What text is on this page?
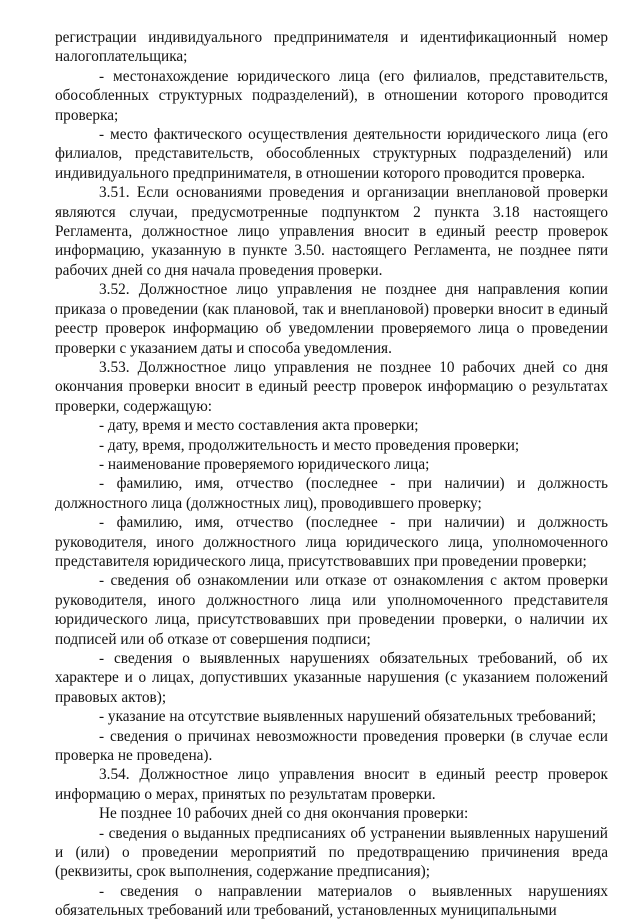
регистрации индивидуального предпринимателя и идентификационный номер налогоплательщика;

- местонахождение юридического лица (его филиалов, представительств, обособленных структурных подразделений), в отношении которого проводится проверка;

- место фактического осуществления деятельности юридического лица (его филиалов, представительств, обособленных структурных подразделений) или индивидуального предпринимателя, в отношении которого проводится проверка.

3.51. Если основаниями проведения и организации внеплановой проверки являются случаи, предусмотренные подпунктом 2 пункта 3.18 настоящего Регламента, должностное лицо управления вносит в единый реестр проверок информацию, указанную в пункте 3.50. настоящего Регламента, не позднее пяти рабочих дней со дня начала проведения проверки.

3.52. Должностное лицо управления не позднее дня направления копии приказа о проведении (как плановой, так и внеплановой) проверки вносит в единый реестр проверок информацию об уведомлении проверяемого лица о проведении проверки с указанием даты и способа уведомления.

3.53. Должностное лицо управления не позднее 10 рабочих дней со дня окончания проверки вносит в единый реестр проверок информацию о результатах проверки, содержащую:

- дату, время и место составления акта проверки;

- дату, время, продолжительность и место проведения проверки;

- наименование проверяемого юридического лица;

- фамилию, имя, отчество (последнее - при наличии) и должность должностного лица (должностных лиц), проводившего проверку;

- фамилию, имя, отчество (последнее - при наличии) и должность руководителя, иного должностного лица юридического лица, уполномоченного представителя юридического лица, присутствовавших при проведении проверки;

- сведения об ознакомлении или отказе от ознакомления с актом проверки руководителя, иного должностного лица или уполномоченного представителя юридического лица, присутствовавших при проведении проверки, о наличии их подписей или об отказе от совершения подписи;

- сведения о выявленных нарушениях обязательных требований, об их характере и о лицах, допустивших указанные нарушения (с указанием положений правовых актов);

- указание на отсутствие выявленных нарушений обязательных требований;

- сведения о причинах невозможности проведения проверки (в случае если проверка не проведена).

3.54. Должностное лицо управления вносит в единый реестр проверок информацию о мерах, принятых по результатам проверки.

Не позднее 10 рабочих дней со дня окончания проверки:

- сведения о выданных предписаниях об устранении выявленных нарушений и (или) о проведении мероприятий по предотвращению причинения вреда (реквизиты, срок выполнения, содержание предписания);

- сведения о направлении материалов о выявленных нарушениях обязательных требований или требований, установленных муниципальными
